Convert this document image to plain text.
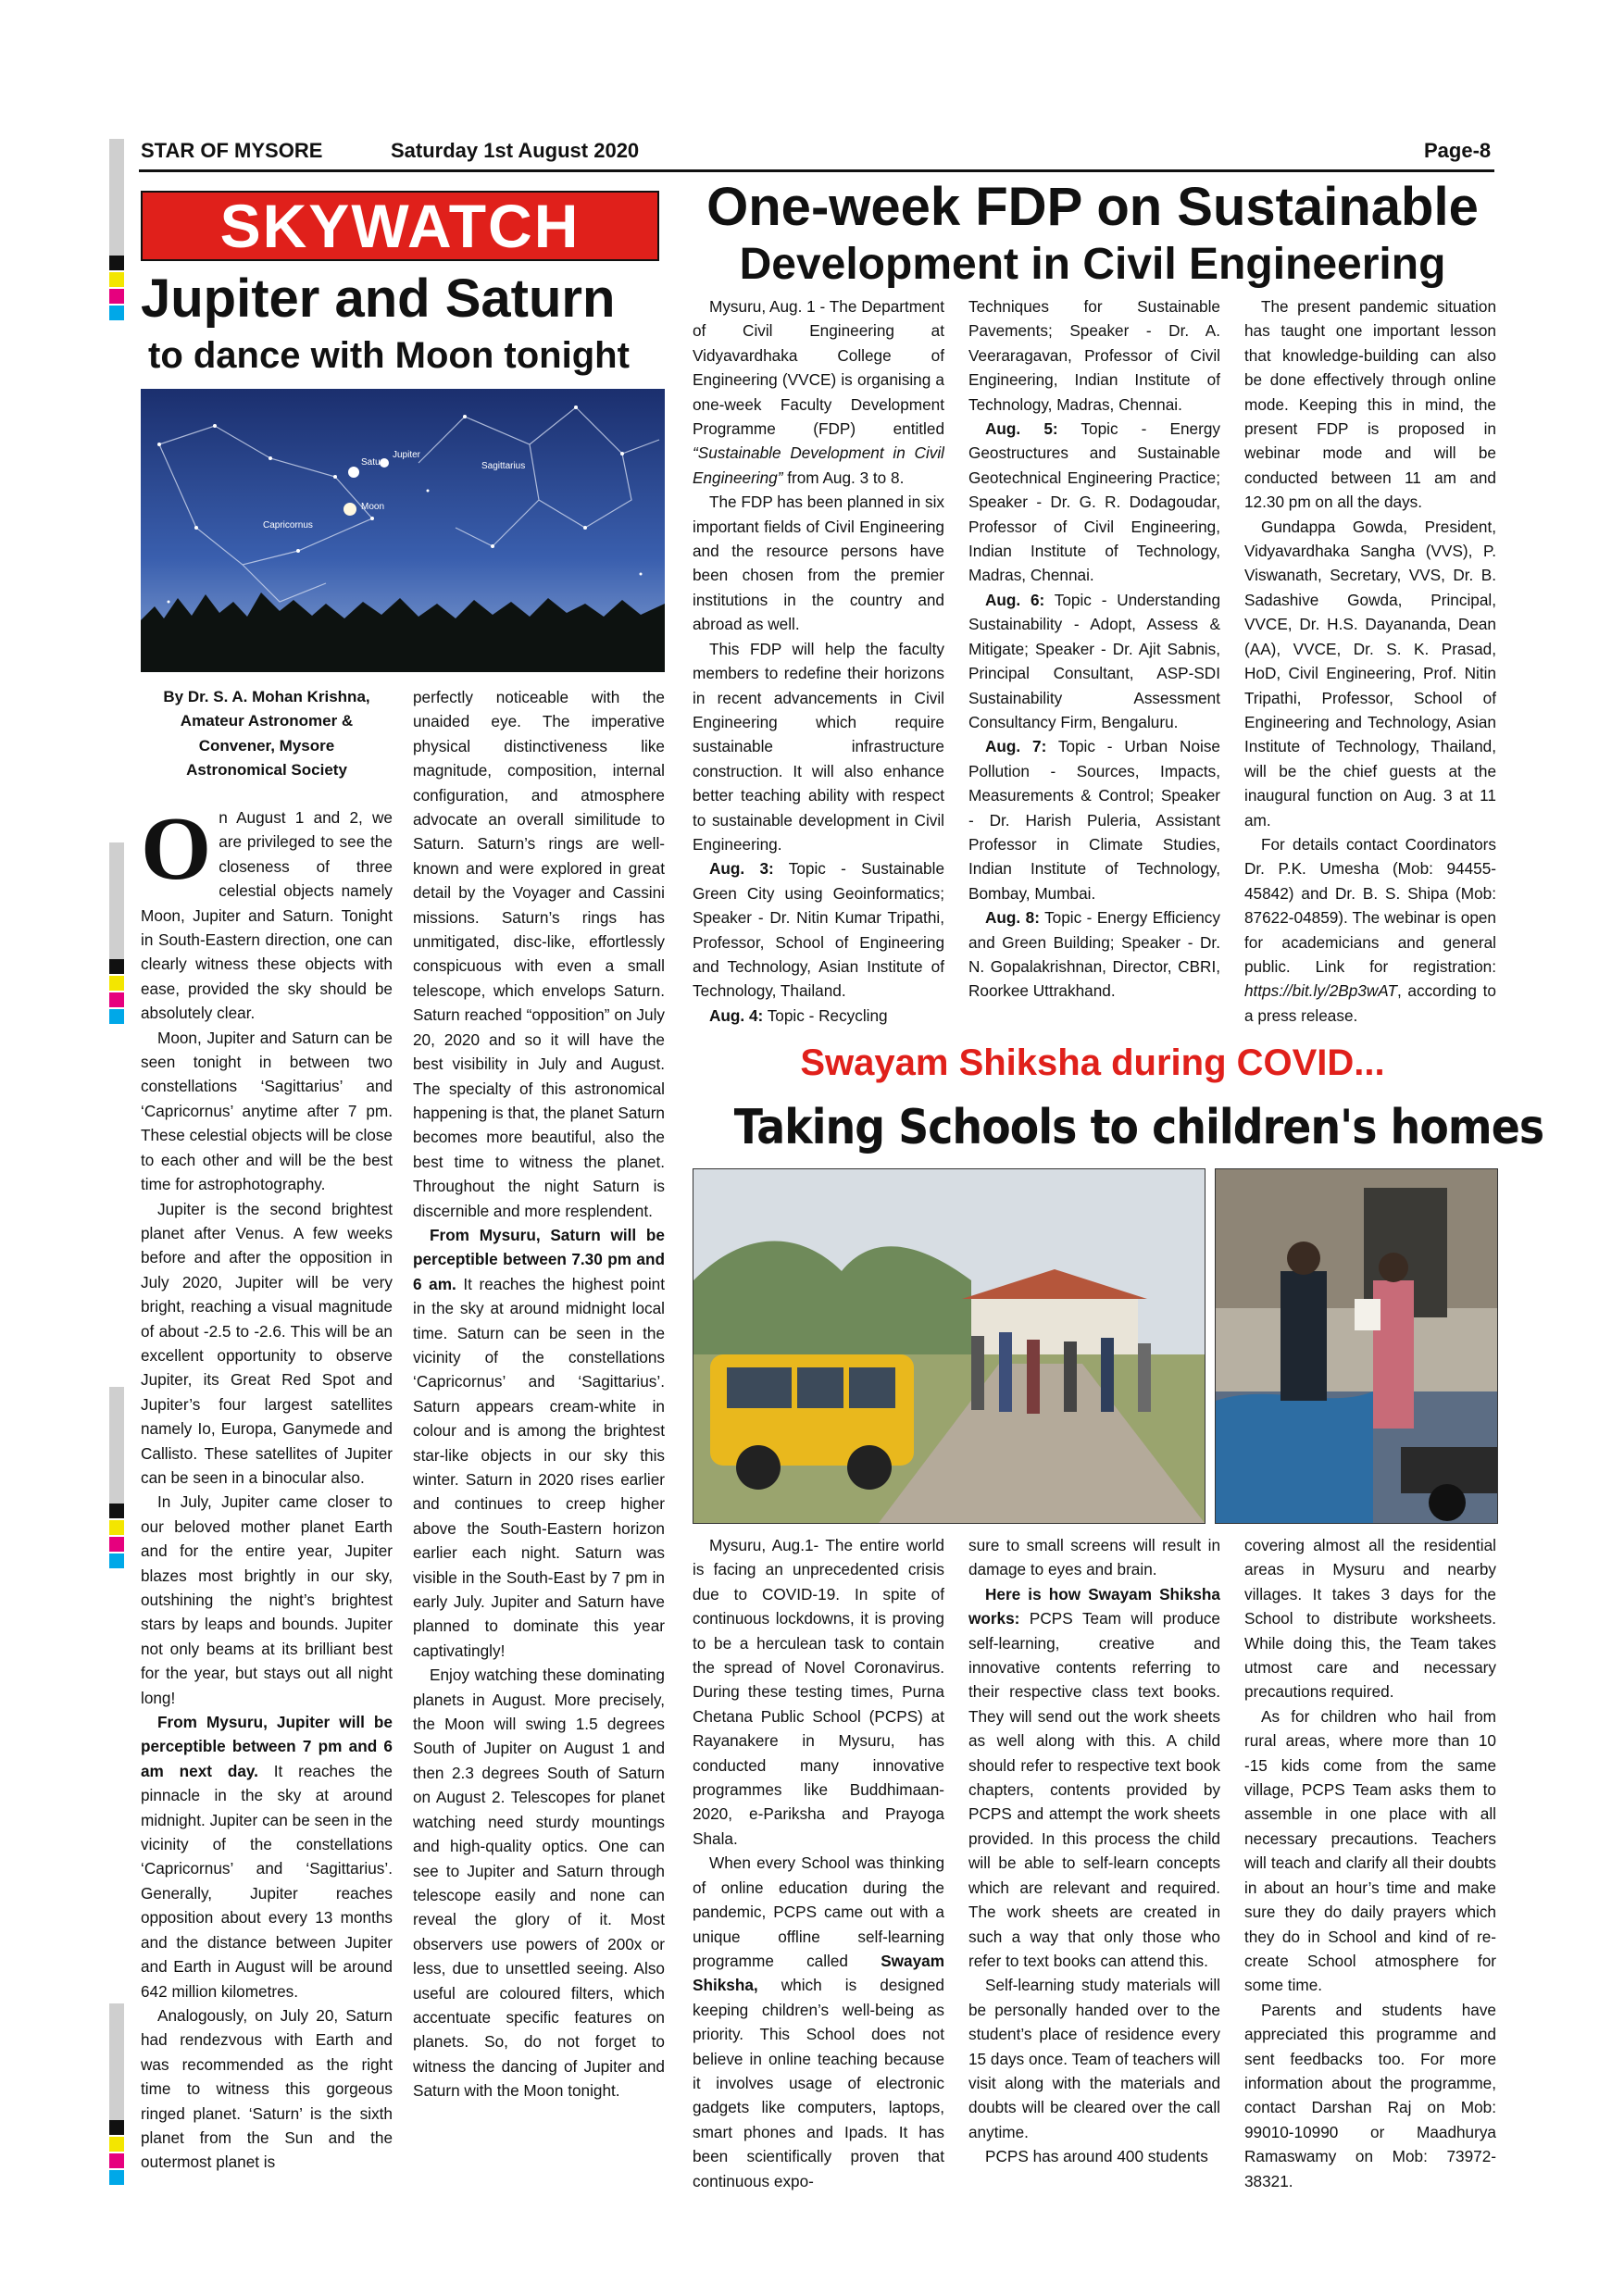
STAR OF MYSORE	Saturday 1st August 2020	Page-8
SKYWATCH
Jupiter and Saturn
to dance with Moon tonight
Saturn
Jupiter
Sagittarius
Moon
Capricornus
By Dr. S. A. Mohan Krishna,
Amateur Astronomer &
Convener, Mysore
Astronomical Society

On August 1 and 2, we are privileged to see the closeness of three celestial objects namely Moon, Jupiter and Saturn. Tonight in South-Eastern direction, one can clearly witness these objects with ease, provided the sky should be absolutely clear.

Moon, Jupiter and Saturn can be seen tonight in between two constellations ‘Sagittarius’ and ‘Capricornus’ anytime after 7 pm. These celestial objects will be close to each other and will be the best time for astrophotography.

Jupiter is the second brightest planet after Venus. A few weeks before and after the opposition in July 2020, Jupiter will be very bright, reaching a visual magnitude of about -2.5 to -2.6. This will be an excellent opportunity to observe Jupiter, its Great Red Spot and Jupiter’s four largest satellites namely Io, Europa, Ganymede and Callisto. These satellites of Jupiter can be seen in a binocular also.

In July, Jupiter came closer to our beloved mother planet Earth and for the entire year, Jupiter blazes most brightly in our sky, outshining the night’s brightest stars by leaps and bounds. Jupiter not only beams at its brilliant best for the year, but stays out all night long!

From Mysuru, Jupiter will be perceptible between 7 pm and 6 am next day. It reaches the pinnacle in the sky at around midnight. Jupiter can be seen in the vicinity of the constellations ‘Capricornus’ and ‘Sagittarius’. Generally, Jupiter reaches opposition about every 13 months and the distance between Jupiter and Earth in August will be around 642 million kilometres.

Analogously, on July 20, Saturn had rendezvous with Earth and was recommended as the right time to witness this gorgeous ringed planet. ‘Saturn’ is the sixth planet from the Sun and the outermost planet is

perfectly noticeable with the unaided eye. The imperative physical distinctiveness like magnitude, composition, internal configuration, and atmosphere advocate an overall similitude to Saturn. Saturn’s rings are well-known and were explored in great detail by the Voyager and Cassini missions. Saturn’s rings has unmitigated, disc-like, effortlessly conspicuous with even a small telescope, which envelops Saturn. Saturn reached “opposition” on July 20, 2020 and so it will have the best visibility in July and August. The specialty of this astronomical happening is that, the planet Saturn becomes more beautiful, also the best time to witness the planet. Throughout the night Saturn is discernible and more resplendent.

From Mysuru, Saturn will be perceptible between 7.30 pm and 6 am. It reaches the highest point in the sky at around midnight local time. Saturn can be seen in the vicinity of the constellations ‘Capricornus’ and ‘Sagittarius’. Saturn appears cream-white in colour and is among the brightest star-like objects in our sky this winter. Saturn in 2020 rises earlier and continues to creep higher above the South-Eastern horizon earlier each night. Saturn was visible in the South-East by 7 pm in early July. Jupiter and Saturn have planned to dominate this year captivatingly!

Enjoy watching these dominating planets in August. More precisely, the Moon will swing 1.5 degrees South of Jupiter on August 1 and then 2.3 degrees South of Saturn on August 2. Telescopes for planet watching need sturdy mountings and high-quality optics. One can see to Jupiter and Saturn through telescope easily and none can reveal the glory of it. Most observers use powers of 200x or less, due to unsettled seeing. Also useful are coloured filters, which accentuate specific features on planets. So, do not forget to witness the dancing of Jupiter and Saturn with the Moon tonight.

One-week FDP on Sustainable
Development in Civil Engineering

Mysuru, Aug. 1 - The Department of Civil Engineering at Vidyavardhaka College of Engineering (VVCE) is organising a one-week Faculty Development Programme (FDP) entitled “Sustainable Development in Civil Engineering” from Aug. 3 to 8.

The FDP has been planned in six important fields of Civil Engineering and the resource persons have been chosen from the premier institutions in the country and abroad as well.

This FDP will help the faculty members to redefine their horizons in recent advancements in Civil Engineering which require sustainable infrastructure construction. It will also enhance better teaching ability with respect to sustainable development in Civil Engineering.

Aug. 3: Topic - Sustainable Green City using Geoinformatics; Speaker - Dr. Nitin Kumar Tripathi, Professor, School of Engineering and Technology, Asian Institute of Technology, Thailand.

Aug. 4: Topic - Recycling

Techniques for Sustainable Pavements; Speaker - Dr. A. Veeraragavan, Professor of Civil Engineering, Indian Institute of Technology, Madras, Chennai.

Aug. 5: Topic - Energy Geostructures and Sustainable Geotechnical Engineering Practice; Speaker - Dr. G. R. Dodagoudar, Professor of Civil Engineering, Indian Institute of Technology, Madras, Chennai.

Aug. 6: Topic - Understanding Sustainability - Adopt, Assess & Mitigate; Speaker - Dr. Ajit Sabnis, Principal Consultant, ASP-SDI Sustainability Assessment Consultancy Firm, Bengaluru.

Aug. 7: Topic - Urban Noise Pollution - Sources, Impacts, Measurements & Control; Speaker - Dr. Harish Puleria, Assistant Professor in Climate Studies, Indian Institute of Technology, Bombay, Mumbai.

Aug. 8: Topic - Energy Efficiency and Green Building; Speaker - Dr. N. Gopalakrishnan, Director, CBRI, Roorkee Uttrakhand.

The present pandemic situation has taught one important lesson that knowledge-building can also be done effectively through online mode. Keeping this in mind, the present FDP is proposed in webinar mode and will be conducted between 11 am and 12.30 pm on all the days.

Gundappa Gowda, President, Vidyavardhaka Sangha (VVS), P. Viswanath, Secretary, VVS, Dr. B. Sadashive Gowda, Principal, VVCE, Dr. H.S. Dayananda, Dean (AA), VVCE, Dr. S. K. Prasad, HoD, Civil Engineering, Prof. Nitin Tripathi, Professor, School of Engineering and Technology, Asian Institute of Technology, Thailand, will be the chief guests at the inaugural function on Aug. 3 at 11 am.

For details contact Coordinators Dr. P.K. Umesha (Mob: 94455-45842) and Dr. B. S. Shipa (Mob: 87622-04859). The webinar is open for academicians and general public. Link for registration: https://bit.ly/2Bp3wAT, according to a press release.

Swayam Shiksha during COVID...
Taking Schools to children's homes

Mysuru, Aug.1- The entire world is facing an unprecedented crisis due to COVID-19. In spite of continuous lockdowns, it is proving to be a herculean task to contain the spread of Novel Coronavirus. During these testing times, Purna Chetana Public School (PCPS) at Rayanakere in Mysuru, has conducted many innovative programmes like Buddhimaan-2020, e-Pariksha and Prayoga Shala.

When every School was thinking of online education during the pandemic, PCPS came out with a unique offline self-learning programme called Swayam Shiksha, which is designed keeping children’s well-being as priority. This School does not believe in online teaching because it involves usage of electronic gadgets like computers, laptops, smart phones and Ipads. It has been scientifically proven that continuous expo-

sure to small screens will result in damage to eyes and brain.

Here is how Swayam Shiksha works: PCPS Team will produce self-learning, creative and innovative contents referring to their respective class text books. They will send out the work sheets as well along with this. A child should refer to respective text book chapters, contents provided by PCPS and attempt the work sheets provided. In this process the child will be able to self-learn concepts which are relevant and required. The work sheets are created in such a way that only those who refer to text books can attend this.

Self-learning study materials will be personally handed over to the student’s place of residence every 15 days once. Team of teachers will visit along with the materials and doubts will be cleared over the call anytime.

PCPS has around 400 students

covering almost all the residential areas in Mysuru and nearby villages. It takes 3 days for the School to distribute worksheets. While doing this, the Team takes utmost care and necessary precautions required.

As for children who hail from rural areas, where more than 10 -15 kids come from the same village, PCPS Team asks them to assemble in one place with all necessary precautions. Teachers will teach and clarify all their doubts in about an hour’s time and make sure they do daily prayers which they do in School and kind of re-create School atmosphere for some time.

Parents and students have appreciated this programme and sent feedbacks too. For more information about the programme, contact Darshan Raj on Mob: 99010-10990 or Maadhurya Ramaswamy on Mob: 73972-38321.
